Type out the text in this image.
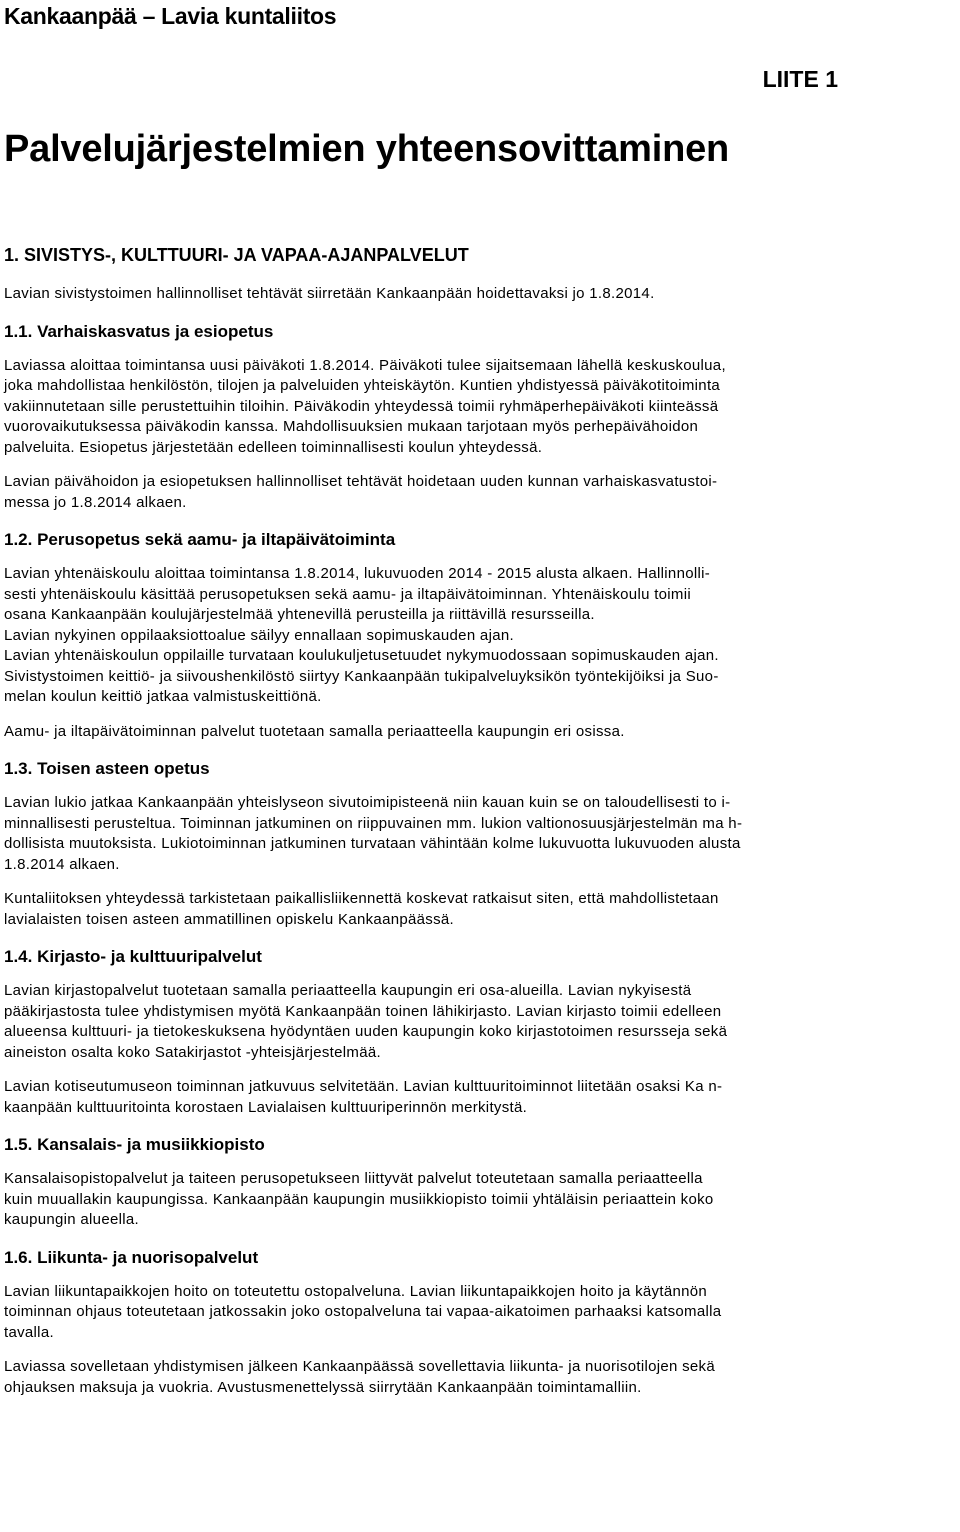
Kankaanpää – Lavia kuntaliitos
LIITE 1
Palvelujärjestelmien yhteensovittaminen
1. SIVISTYS-, KULTTUURI- JA VAPAA-AJANPALVELUT
Lavian sivistystoimen hallinnolliset tehtävät siirretään Kankaanpään hoidettavaksi jo 1.8.2014.
1.1. Varhaiskasvatus ja esiopetus
Laviassa aloittaa toimintansa uusi päiväkoti 1.8.2014. Päiväkoti tulee sijaitsemaan lähellä keskuskoulua,
joka mahdollistaa henkilöstön, tilojen ja palveluiden yhteiskäytön. Kuntien yhdistyessä päiväkotitoiminta
vakiinnutetaan sille perustettuihin tiloihin. Päiväkodin yhteydessä toimii ryhmäperhepäiväkoti kiinteässä
vuorovaikutuksessa päiväkodin kanssa. Mahdollisuuksien mukaan tarjotaan myös perhepäivähoidon
palveluita. Esiopetus järjestetään edelleen toiminnallisesti koulun yhteydessä.
Lavian päivähoidon ja esiopetuksen hallinnolliset tehtävät hoidetaan uuden kunnan varhaiskasvatustoi-
messa jo 1.8.2014 alkaen.
1.2. Perusopetus sekä aamu- ja iltapäivätoiminta
Lavian yhtenäiskoulu aloittaa toimintansa 1.8.2014, lukuvuoden 2014 - 2015 alusta alkaen. Hallinnolli-
sesti yhtenäiskoulu käsittää perusopetuksen sekä aamu- ja iltapäivätoiminnan. Yhtenäiskoulu toimii
osana Kankaanpään koulujärjestelmää yhtenevillä perusteilla ja riittävillä resursseilla.
Lavian nykyinen oppilaaksiottoalue säilyy ennallaan sopimuskauden ajan.
Lavian yhtenäiskoulun oppilaille turvataan koulukuljetusetuudet nykymuodossaan sopimuskauden ajan.
Sivistystoimen keittiö- ja siivoushenkilöstö siirtyy Kankaanpään tukipalveluyksikön työntekijöiksi ja Suo-
melan koulun keittiö jatkaa valmistuskeittiönä.
Aamu- ja iltapäivätoiminnan palvelut tuotetaan samalla periaatteella kaupungin eri osissa.
1.3. Toisen asteen opetus
Lavian lukio jatkaa Kankaanpään yhteislyseon sivutoimipisteenä niin kauan kuin se on taloudellisesti to i-
minnallisesti perusteltua. Toiminnan jatkuminen on riippuvainen mm. lukion valtionosuusjärjestelmän ma h-
dollisista muutoksista. Lukiotoiminnan jatkuminen turvataan vähintään kolme lukuvuotta lukuvuoden alusta
1.8.2014 alkaen.
Kuntaliitoksen yhteydessä tarkistetaan paikallisliikennettä koskevat ratkaisut siten, että mahdollistetaan
lavialaisten toisen asteen ammatillinen opiskelu Kankaanpäässä.
1.4. Kirjasto- ja kulttuuripalvelut
Lavian kirjastopalvelut tuotetaan samalla periaatteella kaupungin eri osa-alueilla. Lavian nykyisestä
pääkirjastosta tulee yhdistymisen myötä Kankaanpään toinen lähikirjasto. Lavian kirjasto toimii edelleen
alueensa kulttuuri- ja tietokeskuksena hyödyntäen uuden kaupungin koko kirjastotoimen resursseja sekä
aineiston osalta koko Satakirjastot -yhteisjärjestelmää.
Lavian kotiseutumuseon toiminnan jatkuvuus selvitetään. Lavian kulttuuritoiminnot liitetään osaksi Ka n-
kaanpään kulttuuritointa korostaen Lavialaisen kulttuuriperinnön merkitystä.
1.5. Kansalais- ja musiikkiopisto
Kansalaisopistopalvelut ja taiteen perusopetukseen liittyvät palvelut toteutetaan samalla periaatteella
kuin muuallakin kaupungissa. Kankaanpään kaupungin musiikkiopisto toimii yhtäläisin periaattein koko
kaupungin alueella.
1.6. Liikunta- ja nuorisopalvelut
Lavian liikuntapaikkojen hoito on toteutettu ostopalveluna. Lavian liikuntapaikkojen hoito ja käytännön
toiminnan ohjaus toteutetaan jatkossakin joko ostopalveluna tai vapaa-aikatoimen parhaaksi katsomalla
tavalla.
Laviassa sovelletaan yhdistymisen jälkeen Kankaanpäässä sovellettavia liikunta- ja nuorisotilojen sekä
ohjauksen maksuja ja vuokria. Avustusmenettelyssä siirrytään Kankaanpään toimintamalliin.
